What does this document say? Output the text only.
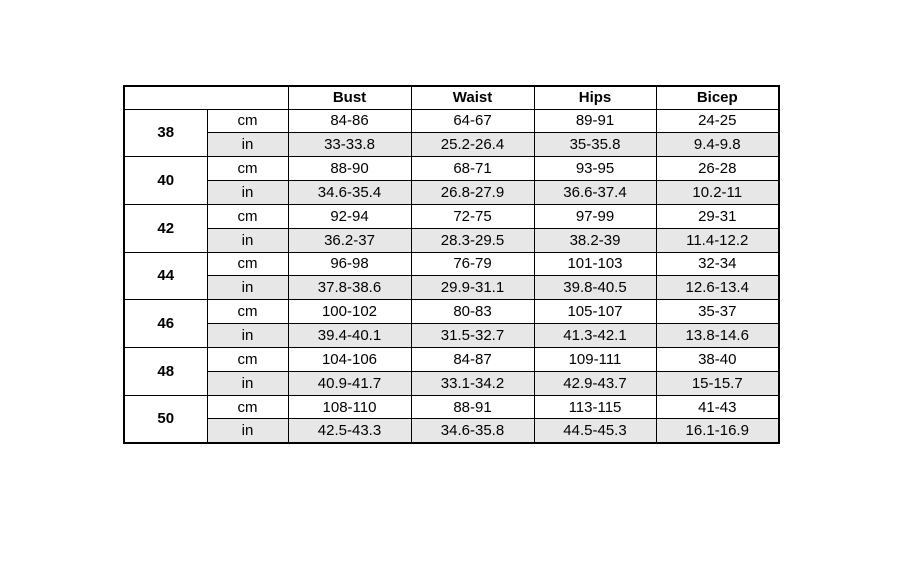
		Bust	Waist	Hips	Bicep
38	cm	84-86	64-67	89-91	24-25
	in	33-33.8	25.2-26.4	35-35.8	9.4-9.8
40	cm	88-90	68-71	93-95	26-28
	in	34.6-35.4	26.8-27.9	36.6-37.4	10.2-11
42	cm	92-94	72-75	97-99	29-31
	in	36.2-37	28.3-29.5	38.2-39	11.4-12.2
44	cm	96-98	76-79	101-103	32-34
	in	37.8-38.6	29.9-31.1	39.8-40.5	12.6-13.4
46	cm	100-102	80-83	105-107	35-37
	in	39.4-40.1	31.5-32.7	41.3-42.1	13.8-14.6
48	cm	104-106	84-87	109-111	38-40
	in	40.9-41.7	33.1-34.2	42.9-43.7	15-15.7
50	cm	108-110	88-91	113-115	41-43
	in	42.5-43.3	34.6-35.8	44.5-45.3	16.1-16.9
